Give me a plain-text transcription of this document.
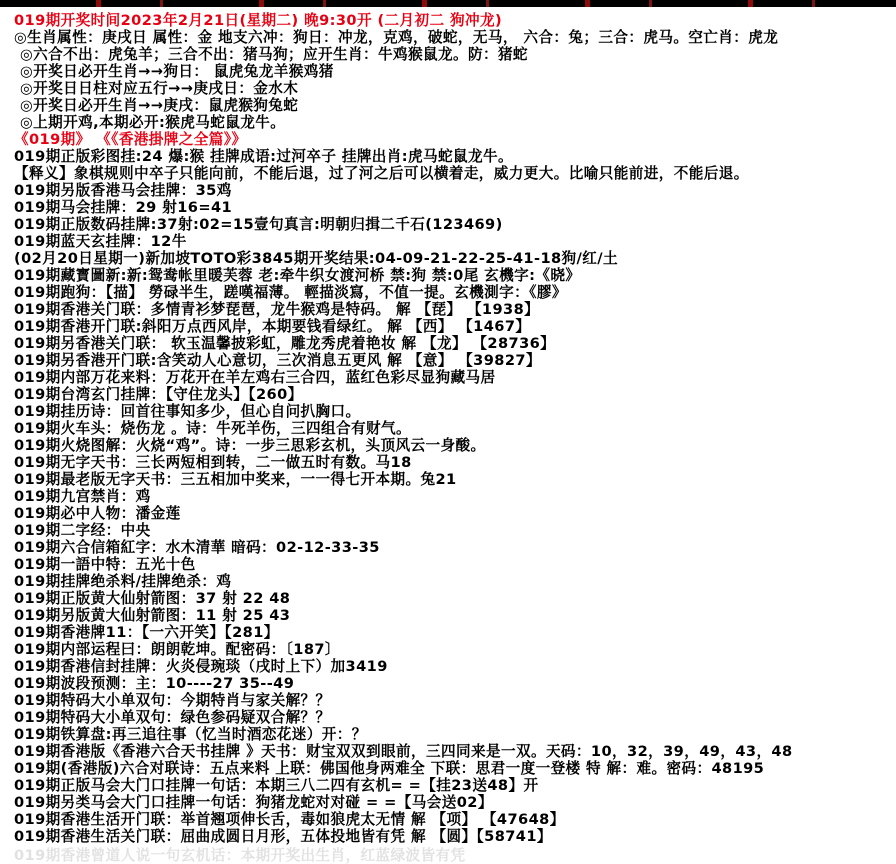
019期开奖时间2023年2月21日(星期二) 晚9:30开 (二月初二 狗冲龙)
◎生肖属性：庚戌日 属性：金 地支六冲：狗日：冲龙，克鸡，破蛇，无马， 六合：兔；三合：虎马。空亡肖：虎龙
◎六合不出：虎兔羊；三合不出：猪马狗；应开生肖：牛鸡猴鼠龙。防：猪蛇
◎开奖日必开生肖→→狗日： 鼠虎兔龙羊猴鸡猪
◎开奖日日柱对应五行→→庚戌日：金水木
◎开奖日必开生肖→→庚戌：鼠虎猴狗兔蛇
◎上期开鸡,本期必开:猴虎马蛇鼠龙牛。
《019期》 《《香港掛牌之全篇》》
019期正版彩图挂:24 爆:猴 挂牌成语:过河卒子 挂牌出肖:虎马蛇鼠龙牛。
【释义】象棋规则中卒子只能向前，不能后退，过了河之后可以横着走，威力更大。比喻只能前进，不能后退。
019期另版香港马会挂牌：35鸡
019期马会挂牌：29 射16=41
019期正版数码挂牌:37射:02=15壹句真言:明朝归揖二千石(123469)
019期蓝天玄挂牌：12牛
(02月20日星期一)新加坡TOTO彩3845期开奖结果:04-09-21-22-25-41-18狗/红/土
019期藏寳圖新:新:鸳鸯帐里暖芙蓉 老:牵牛织女渡河桥 禁:狗 禁:0尾 玄機字:《晓》
019期跑狗：【描】 勞碌半生，蹉嘆福薄。 輕描淡寫，不值一提。玄機測字：《膠》
019期香港关门联：多情青衫梦琵琶，龙牛猴鸡是特码。 解 【琵】 【1938】
019期香港开门联:斜阳万点西风岸，本期要钱看绿红。 解 【西】 【1467】
019期另香港关门联： 软玉温馨披彩虹，雕龙秀虎着艳妆 解 【龙】 【28736】
019期另香港开门联:含笑动人心意切，三次消息五更风 解 【意】 【39827】
019期内部万花来料：万花开在羊左鸡右三合四，蓝红色彩尽显狗藏马居
019期台湾玄门挂牌：【守住龙头】【260】
019期挂历诗：回首往事知多少，但心自问扒胸口。
019期火车头：烧伤龙 。诗：牛死羊伤，三四组合有财气。
019期火烧图解：火烧“鸡”。诗：一步三思彩玄机，头顶风云一身酸。
019期无字天书：三长两短相到转，二一做五时有数。马18
019期最老版无字天书：三五相加中奖来，一一得七开本期。兔21
019期九宫禁肖：鸡
019期必中人物：潘金莲
019期二字经：中央
019期六合信箱紅字：水木清華 暗码：02-12-33-35
019期一語中特：五光十色
019期挂牌绝杀料/挂牌绝杀：鸡
019期正版黄大仙射箭图：37 射 22 48
019期另版黄大仙射箭图：11 射 25 43
019期香港牌11：【一六开笑】【281】
019期内部运程曰：朗朗乾坤。配密码：〔187〕
019期香港信封挂牌：火炎侵琬琰（戌时上下）加3419
019期波段预测：主：10----27 35--49
019期特码大小单双句：今期特肖与家关解？？
019期特码大小单双句：绿色参码疑双合解？？
019期铁算盘:再三追往事（忆当时酒恋花迷）开：？
019期香港版《香港六合天书挂牌 》天书：财宝双双到眼前，三四同来是一双。天码：10，32，39，49，43，48
019期(香港版)六合对联诗：五点来料 上联：佛国他身两难全 下联：思君一度一登楼 特 解：难。密码：48195
019期正版马会大门口挂牌一句话：本期三八二四有玄机= =【挂23送48】开
019期另类马会大门口挂牌一句话：狗猪龙蛇对对碰 = =【马会送02】
019期香港生活开门联：举首翘项伸长舌，毒如狼虎太无情 解 【项】 【47648】
019期香港生活关门联：屈曲成圆日月形，五体投地皆有凭 解 【圆】【58741】
019期香港曾道人说一句玄机话：本期开奖出生肖，红蓝绿波皆有凭
